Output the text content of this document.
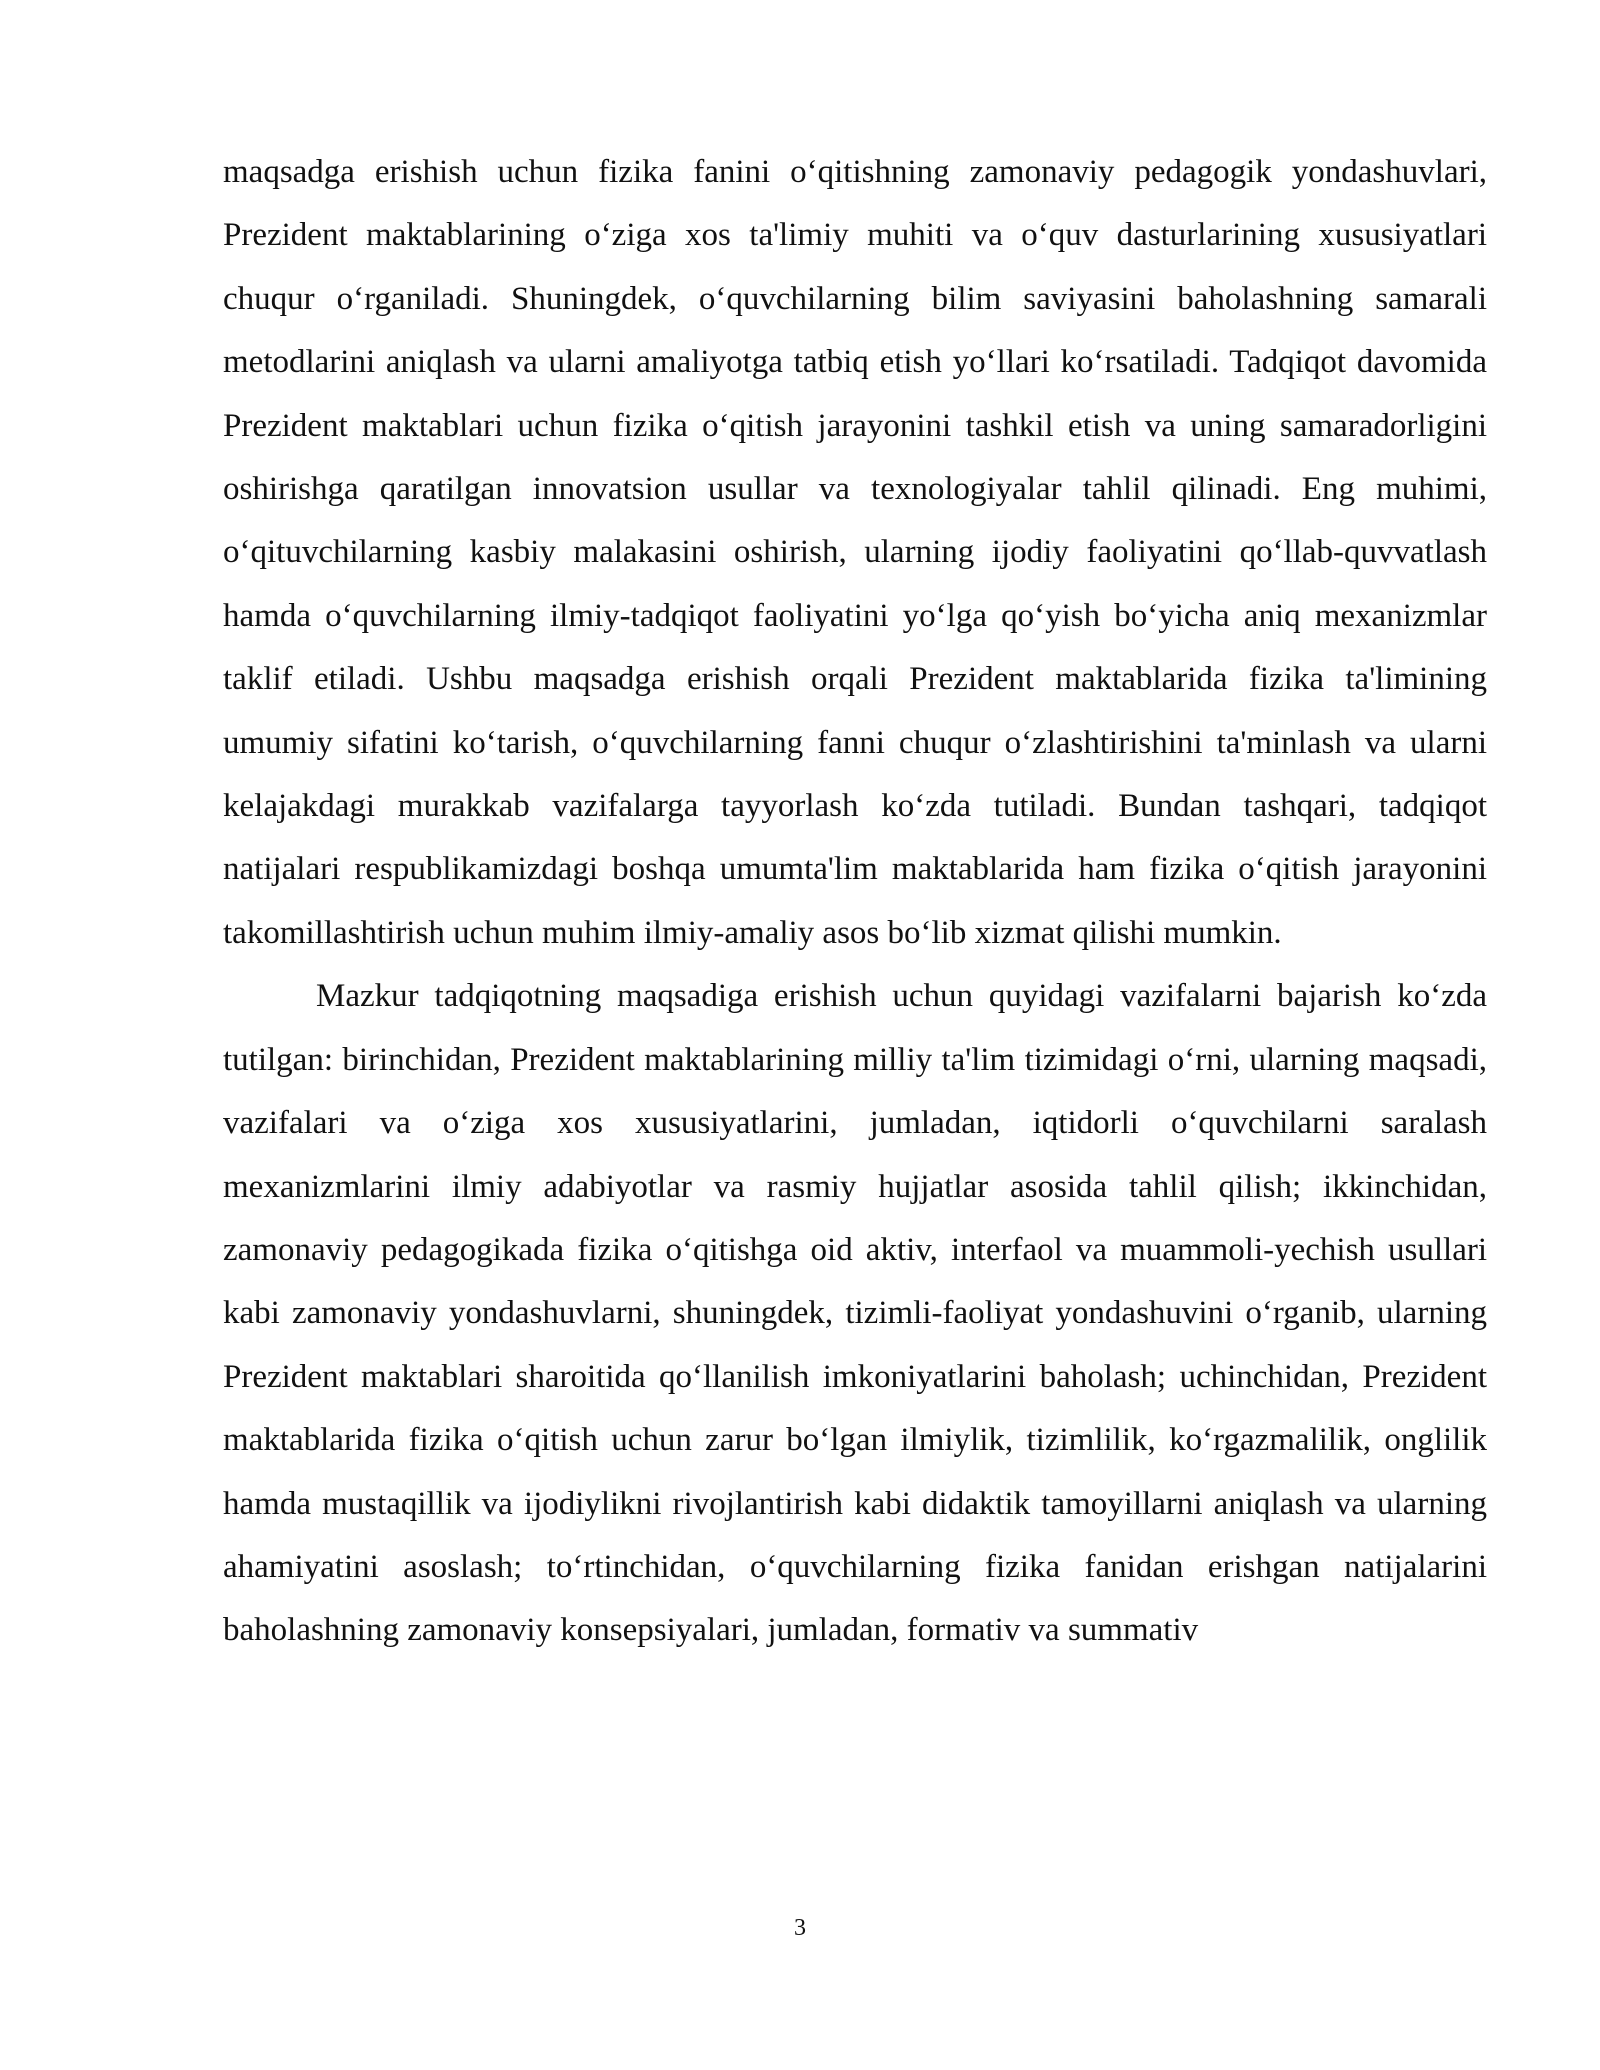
maqsadga erishish uchun fizika fanini o‘qitishning zamonaviy pedagogik yondashuvlari, Prezident maktablarining o‘ziga xos ta'limiy muhiti va o‘quv dasturlarining xususiyatlari chuqur o‘rganiladi. Shuningdek, o‘quvchilarning bilim saviyasini baholashning samarali metodlarini aniqlash va ularni amaliyotga tatbiq etish yo‘llari ko‘rsatiladi. Tadqiqot davomida Prezident maktablari uchun fizika o‘qitish jarayonini tashkil etish va uning samaradorligini oshirishga qaratilgan innovatsion usullar va texnologiyalar tahlil qilinadi. Eng muhimi, o‘qituvchilarning kasbiy malakasini oshirish, ularning ijodiy faoliyatini qo‘llab-quvvatlash hamda o‘quvchilarning ilmiy-tadqiqot faoliyatini yo‘lga qo‘yish bo‘yicha aniq mexanizmlar taklif etiladi. Ushbu maqsadga erishish orqali Prezident maktablarida fizika ta'limining umumiy sifatini ko‘tarish, o‘quvchilarning fanni chuqur o‘zlashtirishini ta'minlash va ularni kelajakdagi murakkab vazifalarga tayyorlash ko‘zda tutiladi. Bundan tashqari, tadqiqot natijalari respublikamizdagi boshqa umumta'lim maktablarida ham fizika o‘qitish jarayonini takomillashtirish uchun muhim ilmiy-amaliy asos bo‘lib xizmat qilishi mumkin.

Mazkur tadqiqotning maqsadiga erishish uchun quyidagi vazifalarni bajarish ko‘zda tutilgan: birinchidan, Prezident maktablarining milliy ta'lim tizimidagi o‘rni, ularning maqsadi, vazifalari va o‘ziga xos xususiyatlarini, jumladan, iqtidorli o‘quvchilarni saralash mexanizmlarini ilmiy adabiyotlar va rasmiy hujjatlar asosida tahlil qilish; ikkinchidan, zamonaviy pedagogikada fizika o‘qitishga oid aktiv, interfaol va muammoli-yechish usullari kabi zamonaviy yondashuvlarni, shuningdek, tizimli-faoliyat yondashuvini o‘rganib, ularning Prezident maktablari sharoitida qo‘llanilish imkoniyatlarini baholash; uchinchidan, Prezident maktablarida fizika o‘qitish uchun zarur bo‘lgan ilmiylik, tizimlilik, ko‘rgazmalilik, onglilik hamda mustaqillik va ijodiylikni rivojlantirish kabi didaktik tamoyillarni aniqlash va ularning ahamiyatini asoslash; to‘rtinchidan, o‘quvchilarning fizika fanidan erishgan natijalarini baholashning zamonaviy konsepsiyalari, jumladan, formativ va summativ

3
